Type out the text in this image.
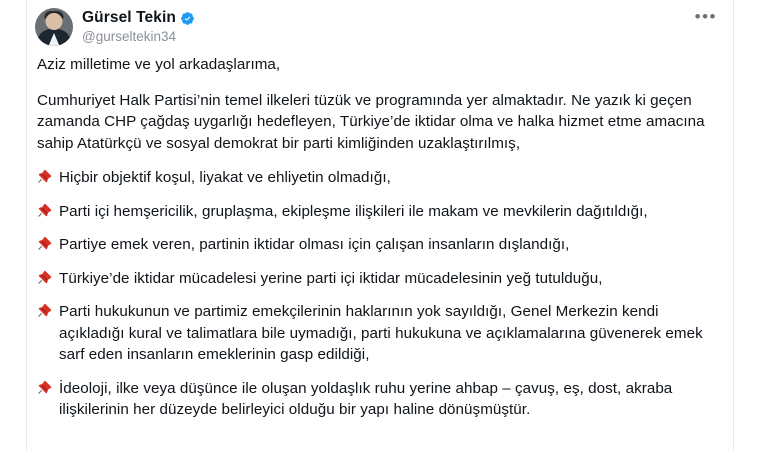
Gürsel Tekin
@gurseltekin34
•••

Aziz milletime ve yol arkadaşlarıma,

Cumhuriyet Halk Partisi’nin temel ilkeleri tüzük ve programında yer almaktadır. Ne yazık ki geçen zamanda CHP çağdaş uygarlığı hedefleyen, Türkiye’de iktidar olma ve halka hizmet etme amacına sahip Atatürkçü ve sosyal demokrat bir parti kimliğinden uzaklaştırılmış,

Hiçbir objektif koşul, liyakat ve ehliyetin olmadığı,

Parti içi hemşericilik, gruplaşma, ekipleşme ilişkileri ile makam ve mevkilerin dağıtıldığı,

Partiye emek veren, partinin iktidar olması için çalışan insanların dışlandığı,

Türkiye’de iktidar mücadelesi yerine parti içi iktidar mücadelesinin yeğ tutulduğu,

Parti hukukunun ve partimiz emekçilerinin haklarının yok sayıldığı, Genel Merkezin kendi açıkladığı kural ve talimatlara bile uymadığı, parti hukukuna ve açıklamalarına güvenerek emek sarf eden insanların emeklerinin gasp edildiği,

İdeoloji, ilke veya düşünce ile oluşan yoldaşlık ruhu yerine ahbap – çavuş, eş, dost, akraba ilişkilerinin her düzeyde belirleyici olduğu bir yapı haline dönüşmüştür.
